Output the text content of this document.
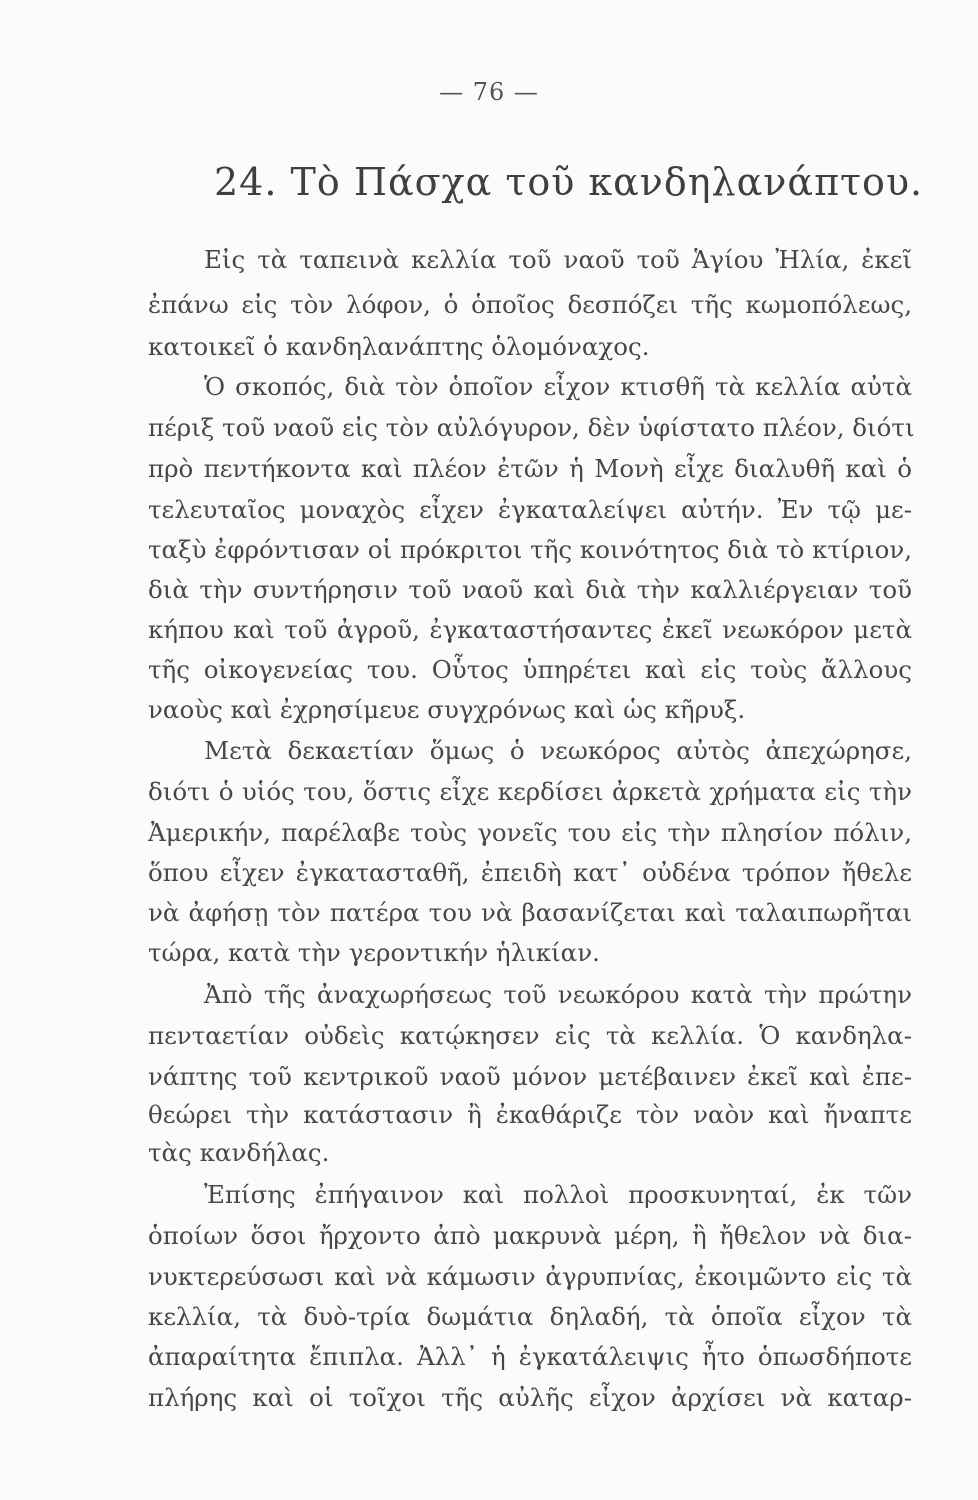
— 76 —
24. Τὸ Πάσχα τοῦ κανδηλανάπτου.
Εἰς τὰ ταπεινὰ κελλία τοῦ ναοῦ τοῦ Ἁγίου Ἠλία, ἐκεῖ
ἐπάνω εἰς τὸν λόφον, ὁ ὁποῖος δεσπόζει τῆς κωμοπόλεως,
κατοικεῖ ὁ κανδηλανάπτης ὁλομόναχος.
Ὁ σκοπός, διὰ τὸν ὁποῖον εἶχον κτισθῆ τὰ κελλία αὐτὰ
πέριξ τοῦ ναοῦ εἰς τὸν αὐλόγυρον, δὲν ὑφίστατο πλέον, διότι
πρὸ πεντήκοντα καὶ πλέον ἐτῶν ἡ Μονὴ εἶχε διαλυθῆ καὶ ὁ
τελευταῖος μοναχὸς εἶχεν ἐγκαταλείψει αὐτήν. Ἐν τῷ με-
ταξὺ ἐφρόντισαν οἱ πρόκριτοι τῆς κοινότητος διὰ τὸ κτίριον,
διὰ τὴν συντήρησιν τοῦ ναοῦ καὶ διὰ τὴν καλλιέργειαν τοῦ
κήπου καὶ τοῦ ἀγροῦ, ἐγκαταστήσαντες ἐκεῖ νεωκόρον μετὰ
τῆς οἰκογενείας του. Οὗτος ὑπηρέτει καὶ εἰς τοὺς ἄλλους
ναοὺς καὶ ἐχρησίμευε συγχρόνως καὶ ὡς κῆρυξ.
Μετὰ δεκαετίαν ὅμως ὁ νεωκόρος αὐτὸς ἀπεχώρησε,
διότι ὁ υἱός του, ὅστις εἶχε κερδίσει ἀρκετὰ χρήματα εἰς τὴν
Ἀμερικήν, παρέλαβε τοὺς γονεῖς του εἰς τὴν πλησίον πόλιν,
ὅπου εἶχεν ἐγκατασταθῆ, ἐπειδὴ κατ᾽ οὐδένα τρόπον ἤθελε
νὰ ἀφήσῃ τὸν πατέρα του νὰ βασανίζεται καὶ ταλαιπωρῆται
τώρα, κατὰ τὴν γεροντικήν ἡλικίαν.
Ἀπὸ τῆς ἀναχωρήσεως τοῦ νεωκόρου κατὰ τὴν πρώτην
πενταετίαν οὐδεὶς κατῴκησεν εἰς τὰ κελλία. Ὁ κανδηλα-
νάπτης τοῦ κεντρικοῦ ναοῦ μόνον μετέβαινεν ἐκεῖ καὶ ἐπε-
θεώρει τὴν κατάστασιν ἢ ἐκαθάριζε τὸν ναὸν καὶ ἤναπτε
τὰς κανδήλας.
Ἐπίσης ἐπήγαινον καὶ πολλοὶ προσκυνηταί, ἐκ τῶν
ὁποίων ὅσοι ἤρχοντο ἀπὸ μακρυνὰ μέρη, ἢ ἤθελον νὰ δια-
νυκτερεύσωσι καὶ νὰ κάμωσιν ἀγρυπνίας, ἐκοιμῶντο εἰς τὰ
κελλία, τὰ δυὸ-τρία δωμάτια δηλαδή, τὰ ὁποῖα εἶχον τὰ
ἀπαραίτητα ἔπιπλα. Ἀλλ᾽ ἡ ἐγκατάλειψις ἦτο ὁπωσδήποτε
πλήρης καὶ οἱ τοῖχοι τῆς αὐλῆς εἶχον ἀρχίσει νὰ καταρ-
